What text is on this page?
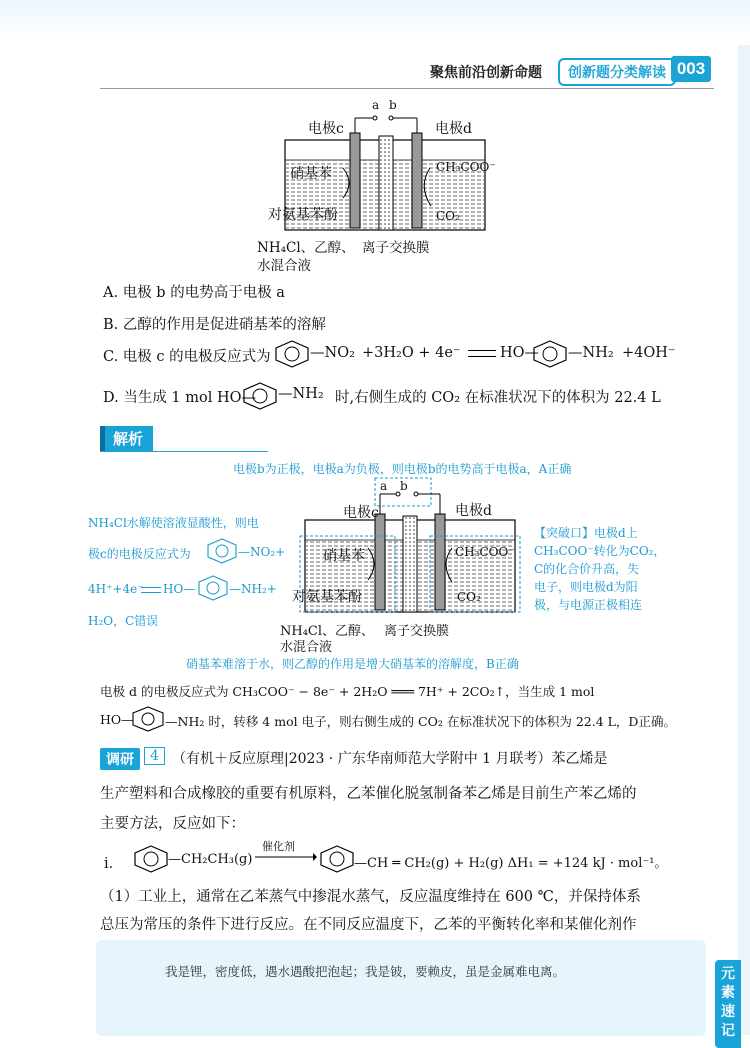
聚焦前沿创新命题	创新题分类解读 003
a b
电极c	电极d
硝基苯
对氨基苯酚
CH₃COO⁻
CO₂
NH₄Cl、乙醇、
水混合液
离子交换膜
A. 电极 b 的电势高于电极 a
B. 乙醇的作用是促进硝基苯的溶解
C. 电极 c 的电极反应式为	—NO₂ +3H₂O + 4e⁻	HO— —NH₂ +4OH⁻
D. 当生成 1 mol HO— —NH₂ 时,右侧生成的 CO₂ 在标准状况下的体积为 22.4 L
解析
电极b为正极，电极a为负极，则电极b的电势高于电极a，A正确
a b
电极c	电极d
硝基苯
对氨基苯酚
CH₃COO⁻
CO₂
NH₄Cl、乙醇、
水混合液
离子交换膜
NH₄Cl水解使溶液显酸性，则电
极c的电极反应式为	—NO₂+
4H⁺+4e⁻ HO—	—NH₂+
H₂O，C错误
【突破口】电极d上
CH₃COO⁻转化为CO₂，
C的化合价升高，失
电子，则电极d为阳
极，与电源正极相连
硝基苯难溶于水，则乙醇的作用是增大硝基苯的溶解度，B正确
电极 d 的电极反应式为 CH₃COO⁻ − 8e⁻ + 2H₂O ═══ 7H⁺ + 2CO₂↑，当生成 1 mol
HO—	—NH₂ 时，转移 4 mol 电子，则右侧生成的 CO₂ 在标准状况下的体积为 22.4 L，D正确。
调研	4 （有机＋反应原理|2023 · 广东华南师范大学附中 1 月联考）苯乙烯是
生产塑料和合成橡胶的重要有机原料，乙苯催化脱氢制备苯乙烯是目前生产苯乙烯的
主要方法，反应如下：
ⅰ．	—CH₂CH₃(g)
催化剂
—CH ═ CH₂(g) + H₂(g) ΔH₁ = +124 kJ · mol⁻¹。
（1）工业上，通常在乙苯蒸气中掺混水蒸气，反应温度维持在 600 ℃，并保持体系
总压为常压的条件下进行反应。在不同反应温度下，乙苯的平衡转化率和某催化剂作
我是锂，密度低，遇水遇酸把泡起；我是铍，要赖皮，虽是金属难电离。	元
素
速
记
